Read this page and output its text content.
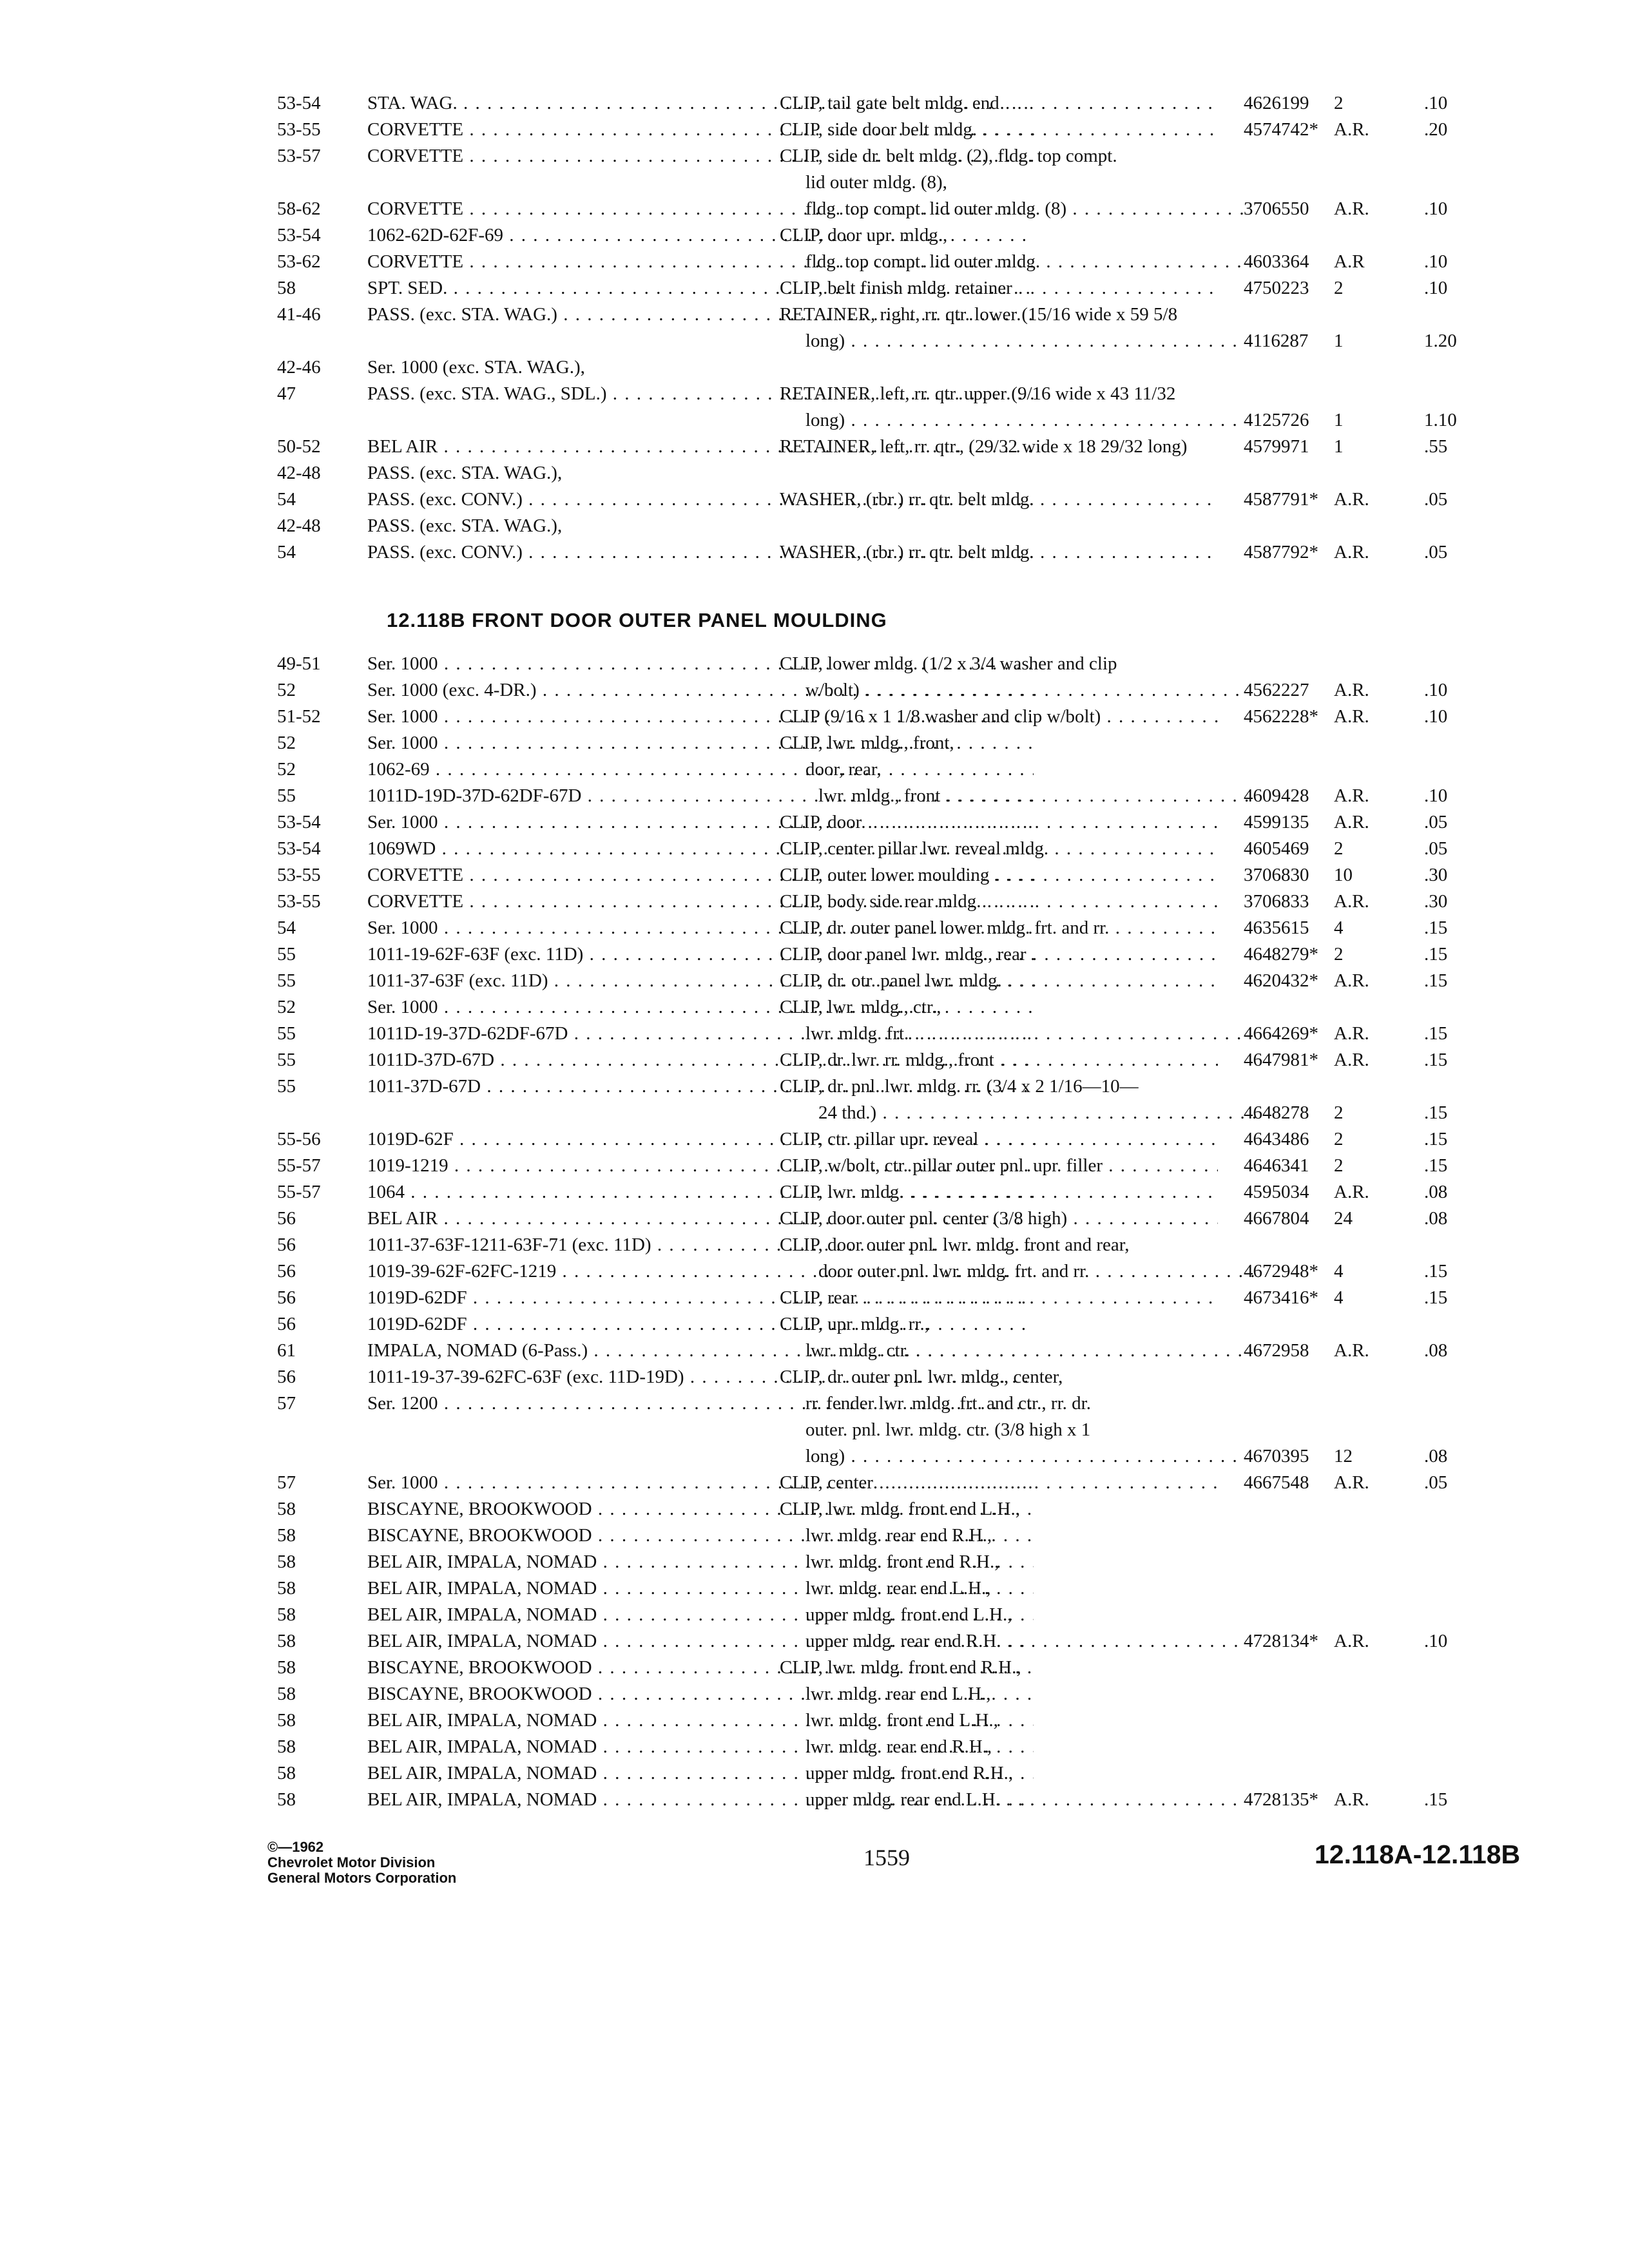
53-54 STA. WAG. . . .	CLIP, tail gate belt mldg. end . . .	4626199 2	.10
53-55 CORVETTE . . .	CLIP, side door belt mldg. . . .	4574742* A.R.	.20
53-57 CORVETTE . . .	CLIP, side dr. belt mldg. (2), fldg. top compt.
lid outer mldg. (8),
58-62 CORVETTE . . .	fldg. top compt. lid outer mldg. (8) . . .	3706550 A.R.	.10
53-54 1062-62D-62F-69 . . .	CLIP, door upr. mldg.,
53-62 CORVETTE . . .	fldg. top compt. lid outer mldg. . . .	4603364 A.R	.10
58	SPT. SED. . . .	CLIP, belt finish mldg. retainer . . .	4750223 2	.10
41-46 PASS. (exc. STA. WAG.) . . .	RETAINER, right, rr. qtr. lower (15/16 wide x 59 5/8
long) . . .	4116287 1	1.20
42-46 Ser. 1000 (exc. STA. WAG.),
47	PASS. (exc. STA. WAG., SDL.) . . .	RETAINER, left, rr. qtr. upper (9/16 wide x 43 11/32
long) . . .	4125726 1	1.10
50-52 BEL AIR . . .	RETAINER, left, rr. qtr., (29/32 wide x 18 29/32 long)	4579971 1	.55
42-48 PASS. (exc. STA. WAG.),
54	PASS. (exc. CONV.) . . .	WASHER, (rbr.) rr. qtr. belt mldg. . . .	4587791* A.R.	.05
42-48 PASS. (exc. STA. WAG.),
54	PASS. (exc. CONV.) . . .	WASHER, (rbr.) rr. qtr. belt mldg. . . .	4587792* A.R.	.05
12.118B FRONT DOOR OUTER PANEL MOULDING
49-51 Ser. 1000 . . .	CLIP, lower mldg. (1/2 x 3/4 washer and clip
52	Ser. 1000 (exc. 4-DR.) . . .	w/bolt) . . .	4562227 A.R.	.10
51-52 Ser. 1000 . . .	CLIP (9/16 x 1 1/8 washer and clip w/bolt) . . .	4562228* A.R.	.10
52	Ser. 1000 . . .	CLIP, lwr. mldg., front,
52	1062-69 . . .	door, rear,
55	1011D-19D-37D-62DF-67D . . .	lwr. mldg., front . . .	4609428 A.R.	.10
53-54 Ser. 1000 . . .	CLIP, door . . .	4599135 A.R.	.05
53-54 1069WD . . .	CLIP, center pillar lwr. reveal mldg. . . .	4605469 2	.05
53-55 CORVETTE . . .	CLIP, outer lower moulding . . .	3706830 10	.30
53-55 CORVETTE . . .	CLIP, body side rear mldg. . . .	3706833 A.R.	.30
54	Ser. 1000 . . .	CLIP, dr. outer panel lower mldg. frt. and rr. . . .	4635615 4	.15
55	1011-19-62F-63F (exc. 11D) . . .	CLIP, door panel lwr. mldg., rear . . .	4648279* 2	.15
55	1011-37-63F (exc. 11D) . . .	CLIP, dr. otr. panel lwr. mldg. . . .	4620432* A.R.	.15
52	Ser. 1000 . . .	CLIP, lwr. mldg., ctr.,
55	1011D-19-37D-62DF-67D . . .	lwr. mldg. frt. . . .	4664269* A.R.	.15
55	1011D-37D-67D . . .	CLIP, dr. lwr. rr. mldg., front . . .	4647981* A.R.	.15
55	1011-37D-67D . . .	CLIP, dr. pnl. lwr. mldg. rr. (3/4 x 2 1/16—10—
24 thd.) . . .	4648278 2	.15
55-56 1019D-62F . . .	CLIP, ctr. pillar upr. reveal . . .	4643486 2	.15
55-57 1019-1219 . . .	CLIP, w/bolt, ctr. pillar outer pnl. upr. filler . . .	4646341 2	.15
55-57 1064 . . .	CLIP, lwr. mldg. . . .	4595034 A.R.	.08
56	BEL AIR . . .	CLIP, door outer pnl. center (3/8 high) . . .	4667804 24	.08
56	1011-37-63F-1211-63F-71 (exc. 11D) . . .	CLIP, door outer pnl. lwr. mldg. front and rear,
56	1019-39-62F-62FC-1219 . . .	door outer pnl. lwr. mldg. frt. and rr. . . .	4672948* 4	.15
56	1019D-62DF . . .	CLIP, rear . . .	4673416* 4	.15
56	1019D-62DF . . .	CLIP, upr. mldg. rr.,
61	IMPALA, NOMAD (6-Pass.) . . .	lwr. mldg. ctr. . . .	4672958 A.R.	.08
56	1011-19-37-39-62FC-63F (exc. 11D-19D) . . .	CLIP, dr. outer pnl. lwr. mldg., center,
57	Ser. 1200 . . .	rr. fender lwr. mldg. frt. and ctr., rr. dr.
outer. pnl. lwr. mldg. ctr. (3/8 high x 1
long) . . .	4670395 12	.08
57	Ser. 1000 . . .	CLIP, center . . .	4667548 A.R.	.05
58	BISCAYNE, BROOKWOOD . . .	CLIP, lwr. mldg. front end L.H.,
58	BISCAYNE, BROOKWOOD . . .	lwr. mldg. rear end R.H.,
58	BEL AIR, IMPALA, NOMAD . . .	lwr. mldg. front end R.H.,
58	BEL AIR, IMPALA, NOMAD . . .	lwr. mldg. rear end L.H.,
58	BEL AIR, IMPALA, NOMAD . . .	upper mldg. front end L.H.,
58	BEL AIR, IMPALA, NOMAD . . .	upper mldg. rear end R.H. . . .	4728134* A.R.	.10
58	BISCAYNE, BROOKWOOD . . .	CLIP, lwr. mldg. front end R.H.,
58	BISCAYNE, BROOKWOOD . . .	lwr. mldg. rear end L.H.,
58	BEL AIR, IMPALA, NOMAD . . .	lwr. mldg. front end L.H.,
58	BEL AIR, IMPALA, NOMAD . . .	lwr. mldg. rear end R.H.,
58	BEL AIR, IMPALA, NOMAD . . .	upper mldg. front end R.H.,
58	BEL AIR, IMPALA, NOMAD . . .	upper mldg. rear end L.H. . . .	4728135* A.R.	.15
©—1962
Chevrolet Motor Division
General Motors Corporation
1559	12.118A-12.118B
